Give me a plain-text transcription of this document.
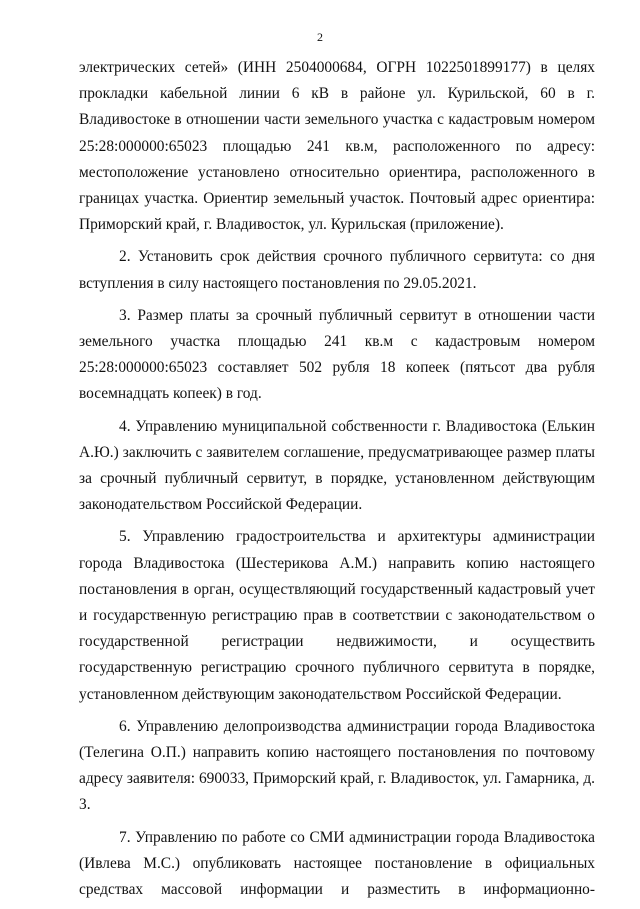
2

электрических сетей» (ИНН 2504000684, ОГРН 1022501899177) в целях прокладки кабельной линии 6 кВ в районе ул. Курильской, 60 в г. Владивостоке в отношении части земельного участка с кадастровым номером 25:28:000000:65023 площадью 241 кв.м, расположенного по адресу: местоположение установлено относительно ориентира, расположенного в границах участка. Ориентир земельный участок. Почтовый адрес ориентира: Приморский край, г. Владивосток, ул. Курильская (приложение).

2. Установить срок действия срочного публичного сервитута: со дня вступления в силу настоящего постановления по 29.05.2021.

3. Размер платы за срочный публичный сервитут в отношении части земельного участка площадью 241 кв.м с кадастровым номером 25:28:000000:65023 составляет 502 рубля 18 копеек (пятьсот два рубля восемнадцать копеек) в год.

4. Управлению муниципальной собственности г. Владивостока (Елькин А.Ю.) заключить с заявителем соглашение, предусматривающее размер платы за срочный публичный сервитут, в порядке, установленном действующим законодательством Российской Федерации.

5. Управлению градостроительства и архитектуры администрации города Владивостока (Шестерикова А.М.) направить копию настоящего постановления в орган, осуществляющий государственный кадастровый учет и государственную регистрацию прав в соответствии с законодательством о государственной регистрации недвижимости, и осуществить государственную регистрацию срочного публичного сервитута в порядке, установленном действующим законодательством Российской Федерации.

6. Управлению делопроизводства администрации города Владивостока (Телегина О.П.) направить копию настоящего постановления по почтовому адресу заявителя: 690033, Приморский край, г. Владивосток, ул. Гамарника, д. 3.

7. Управлению по работе со СМИ администрации города Владивостока (Ивлева М.С.) опубликовать настоящее постановление в официальных средствах массовой информации и разместить в информационно-
